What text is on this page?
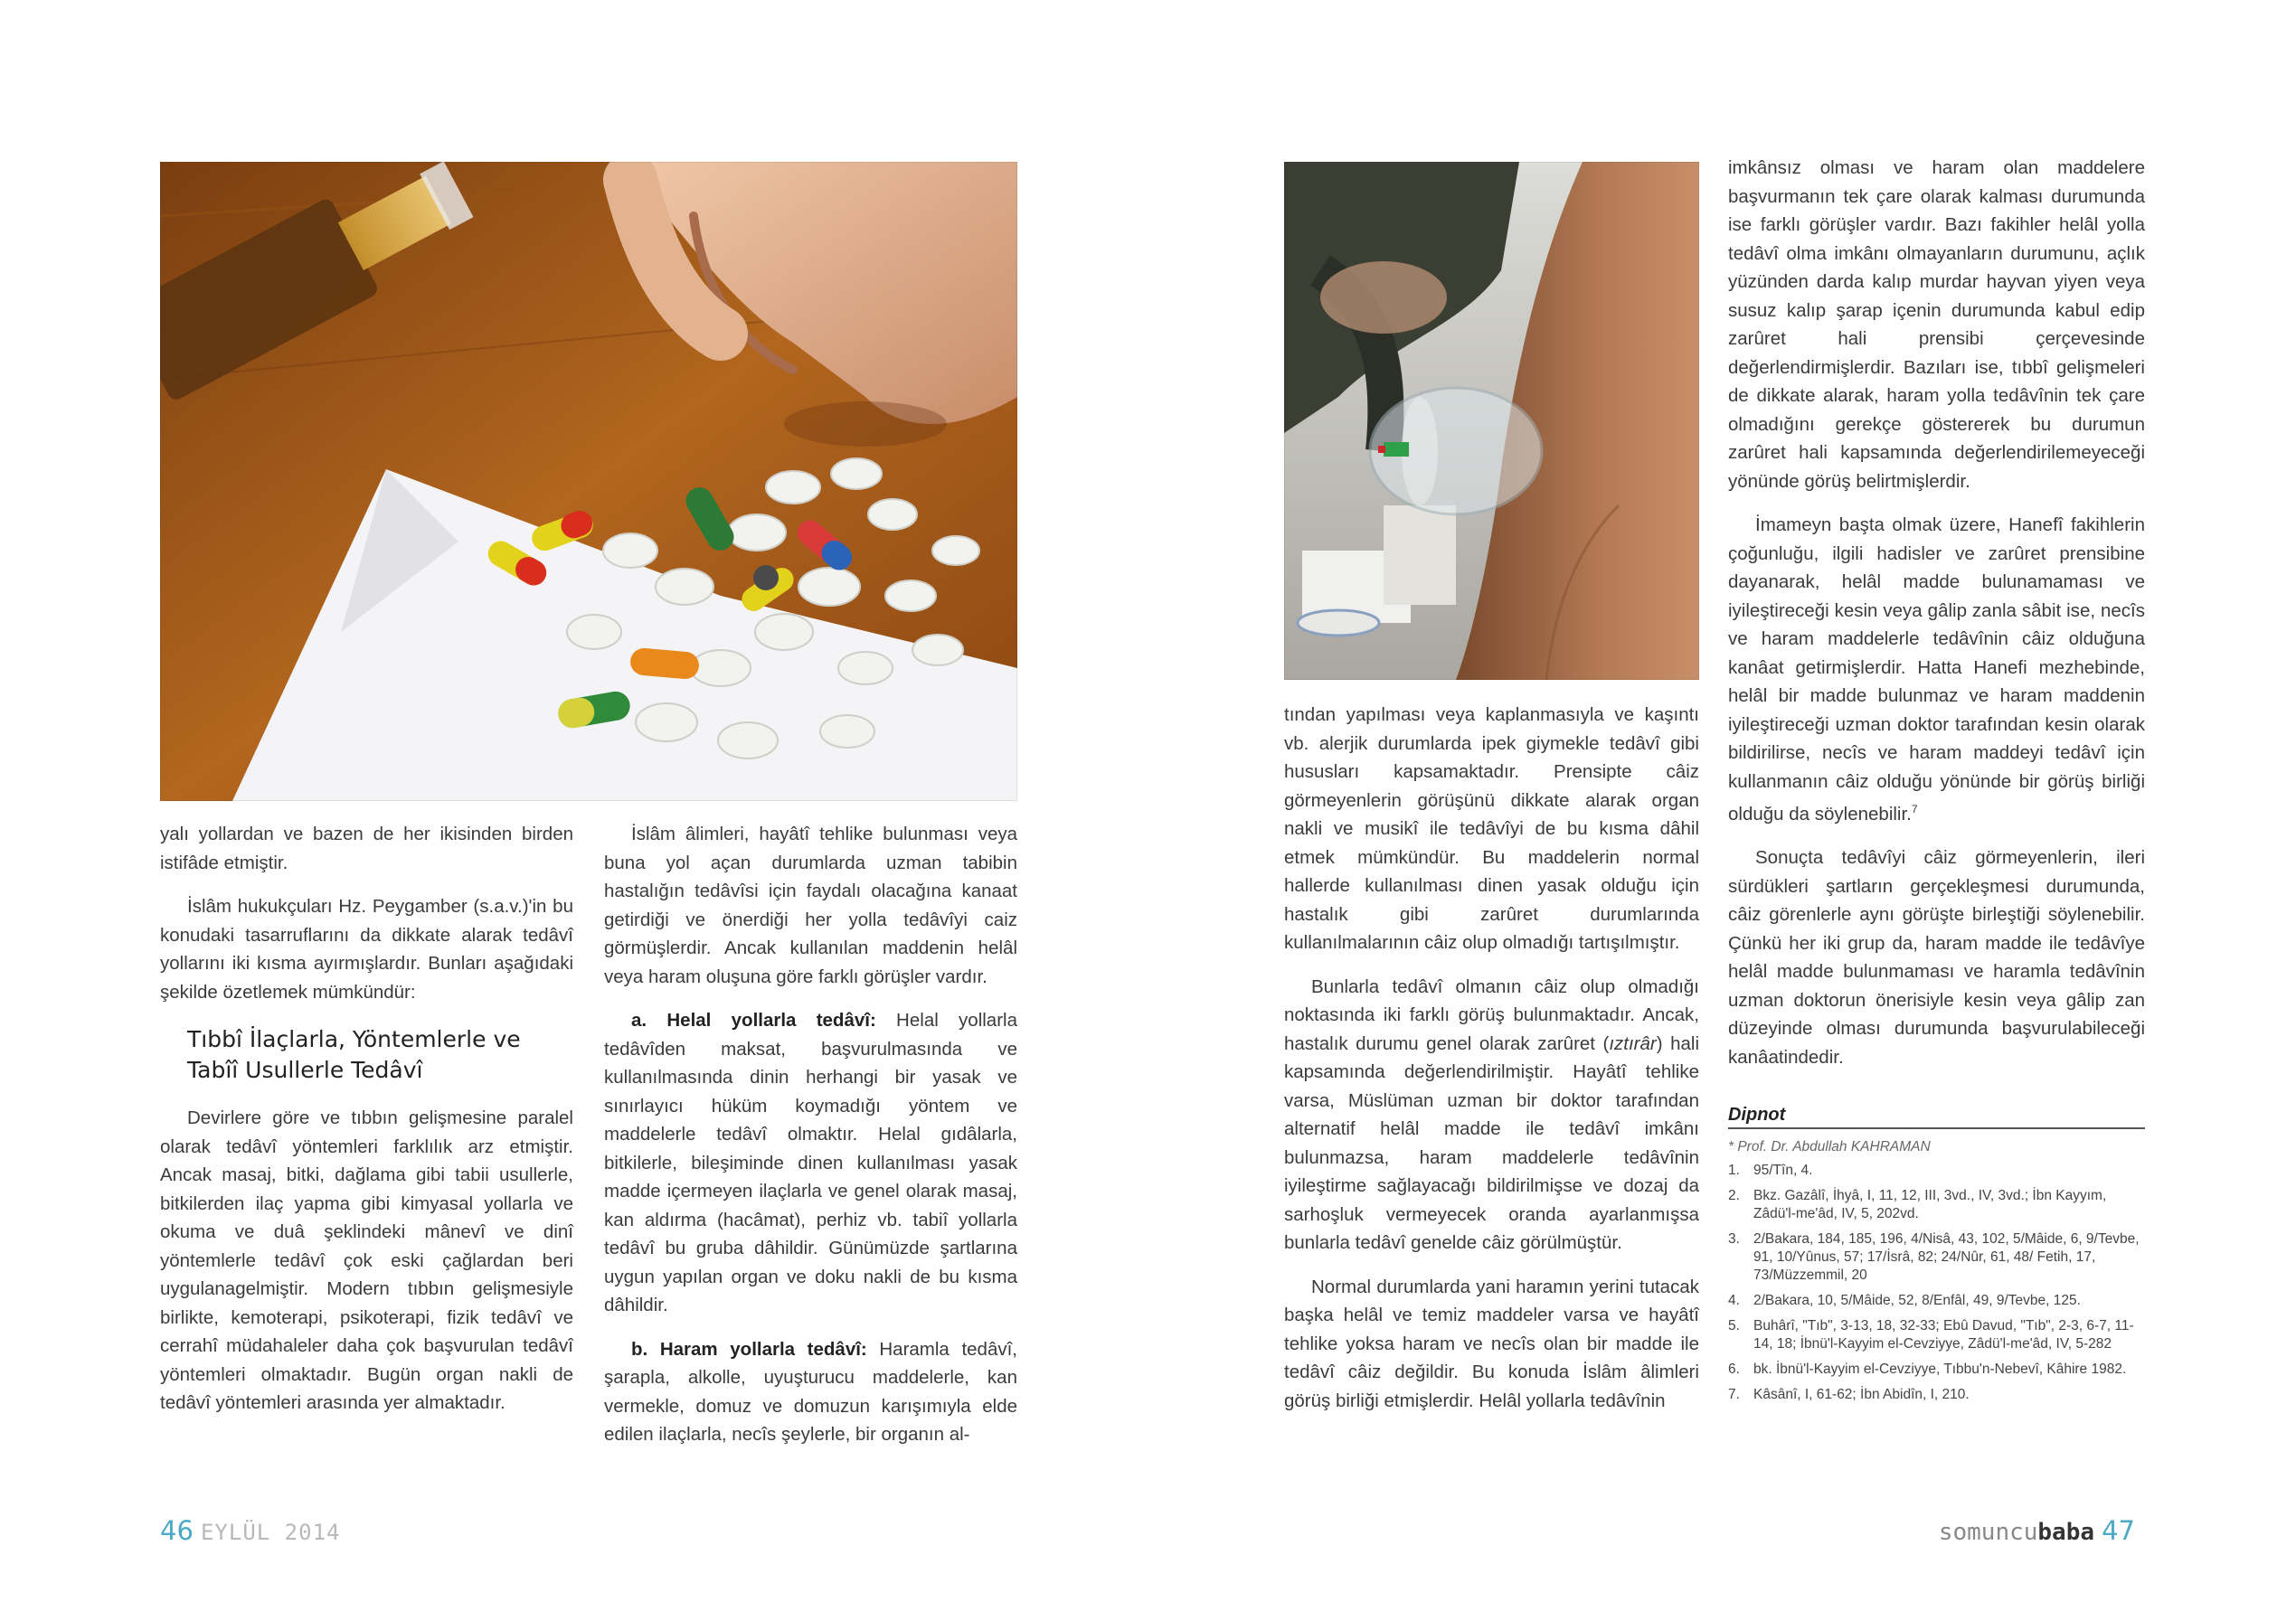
yalı yollardan ve bazen de her ikisinden birden istifâde etmiştir.

İslâm hukukçuları Hz. Peygamber (s.a.v.)'in bu konudaki tasarruflarını da dikkate alarak tedâvî yollarını iki kısma ayırmışlardır. Bunları aşağıdaki şekilde özetlemek mümkündür:

Tıbbî İlaçlarla, Yöntemlerle ve
Tabîî Usullerle Tedâvî

Devirlere göre ve tıbbın gelişmesine paralel olarak tedâvî yöntemleri farklılık arz etmiştir. Ancak masaj, bitki, dağlama gibi tabii usullerle, bitkilerden ilaç yapma gibi kimyasal yollarla ve okuma ve duâ şeklindeki mânevî ve dinî yöntemlerle tedâvî çok eski çağlardan beri uygulanagelmiştir. Modern tıbbın gelişmesiyle birlikte, kemoterapi, psikoterapi, fizik tedâvî ve cerrahî müdahaleler daha çok başvurulan tedâvî yöntemleri olmaktadır. Bugün organ nakli de tedâvî yöntemleri arasında yer almaktadır.

İslâm âlimleri, hayâtî tehlike bulunması veya buna yol açan durumlarda uzman tabibin hastalığın tedâvîsi için faydalı olacağına kanaat getirdiği ve önerdiği her yolla tedâvîyi caiz görmüşlerdir. Ancak kullanılan maddenin helâl veya haram oluşuna göre farklı görüşler vardır.

a. Helal yollarla tedâvî: Helal yollarla tedâvîden maksat, başvurulmasında ve kullanılmasında dinin herhangi bir yasak ve sınırlayıcı hüküm koymadığı yöntem ve maddelerle tedâvî olmaktır. Helal gıdâlarla, bitkilerle, bileşiminde dinen kullanılması yasak madde içermeyen ilaçlarla ve genel olarak masaj, kan aldırma (hacâmat), perhiz vb. tabiî yollarla tedâvî bu gruba dâhildir. Günümüzde şartlarına uygun yapılan organ ve doku nakli de bu kısma dâhildir.

b. Haram yollarla tedâvî: Haramla tedâvî, şarapla, alkolle, uyuşturucu maddelerle, kan vermekle, domuz ve domuzun karışımıyla elde edilen ilaçlarla, necîs şeylerle, bir organın al-

46 EYLÜL 2014

tından yapılması veya kaplanmasıyla ve kaşıntı vb. alerjik durumlarda ipek giymekle tedâvî gibi hususları kapsamaktadır. Prensipte câiz görmeyenlerin görüşünü dikkate alarak organ nakli ve musikî ile tedâvîyi de bu kısma dâhil etmek mümkündür. Bu maddelerin normal hallerde kullanılması dinen yasak olduğu için hastalık gibi zarûret durumlarında kullanılmalarının câiz olup olmadığı tartışılmıştır.

Bunlarla tedâvî olmanın câiz olup olmadığı noktasında iki farklı görüş bulunmaktadır. Ancak, hastalık durumu genel olarak zarûret (ıztırâr) hali kapsamında değerlendirilmiştir. Hayâtî tehlike varsa, Müslüman uzman bir doktor tarafından alternatif helâl madde ile tedâvî imkânı bulunmazsa, haram maddelerle tedâvînin iyileştirme sağlayacağı bildirilmişse ve dozaj da sarhoşluk vermeyecek oranda ayarlanmışsa bunlarla tedâvî genelde câiz görülmüştür.

Normal durumlarda yani haramın yerini tutacak başka helâl ve temiz maddeler varsa ve hayâtî tehlike yoksa haram ve necîs olan bir madde ile tedâvî câiz değildir. Bu konuda İslâm âlimleri görüş birliği etmişlerdir. Helâl yollarla tedâvînin

imkânsız olması ve haram olan maddelere başvurmanın tek çare olarak kalması durumunda ise farklı görüşler vardır. Bazı fakihler helâl yolla tedâvî olma imkânı olmayanların durumunu, açlık yüzünden darda kalıp murdar hayvan yiyen veya susuz kalıp şarap içenin durumunda kabul edip zarûret hali prensibi çerçevesinde değerlendirmişlerdir. Bazıları ise, tıbbî gelişmeleri de dikkate alarak, haram yolla tedâvînin tek çare olmadığını gerekçe göstererek bu durumun zarûret hali kapsamında değerlendirilemeyeceği yönünde görüş belirtmişlerdir.

İmameyn başta olmak üzere, Hanefî fakihlerin çoğunluğu, ilgili hadisler ve zarûret prensibine dayanarak, helâl madde bulunamaması ve iyileştireceği kesin veya gâlip zanla sâbit ise, necîs ve haram maddelerle tedâvînin câiz olduğuna kanâat getirmişlerdir. Hatta Hanefi mezhebinde, helâl bir madde bulunmaz ve haram maddenin iyileştireceği uzman doktor tarafından kesin olarak bildirilirse, necîs ve haram maddeyi tedâvî için kullanmanın câiz olduğu yönünde bir görüş birliği olduğu da söylenebilir.$^7$

Sonuçta tedâvîyi câiz görmeyenlerin, ileri sürdükleri şartların gerçekleşmesi durumunda, câiz görenlerle aynı görüşte birleştiği söylenebilir. Çünkü her iki grup da, haram madde ile tedâvîye helâl madde bulunmaması ve haramla tedâvînin uzman doktorun önerisiyle kesin veya gâlip zan düzeyinde olması durumunda başvurulabileceği kanâatindedir.

Dipnot
* Prof. Dr. Abdullah KAHRAMAN
1. 95/Tîn, 4.
2. Bkz. Gazâlî, İhyâ, I, 11, 12, III, 3vd., IV, 3vd.; İbn Kayyım, Zâdü'l-me'âd, IV, 5, 202vd.
3. 2/Bakara, 184, 185, 196, 4/Nisâ, 43, 102, 5/Mâide, 6, 9/Tevbe, 91, 10/Yûnus, 57; 17/İsrâ, 82; 24/Nûr, 61, 48/ Fetih, 17, 73/Müzzemmil, 20
4. 2/Bakara, 10, 5/Mâide, 52, 8/Enfâl, 49, 9/Tevbe, 125.
5. Buhârî, "Tıb", 3-13, 18, 32-33; Ebû Davud, "Tıb", 2-3, 6-7, 11-14, 18; İbnü'l-Kayyim el-Cevziyye, Zâdü'l-me'âd, IV, 5-282
6. bk. İbnü'l-Kayyim el-Cevziyye, Tıbbu'n-Nebevî, Kâhire 1982.
7. Kâsânî, I, 61-62; İbn Abidîn, I, 210.
somuncubaba 47
